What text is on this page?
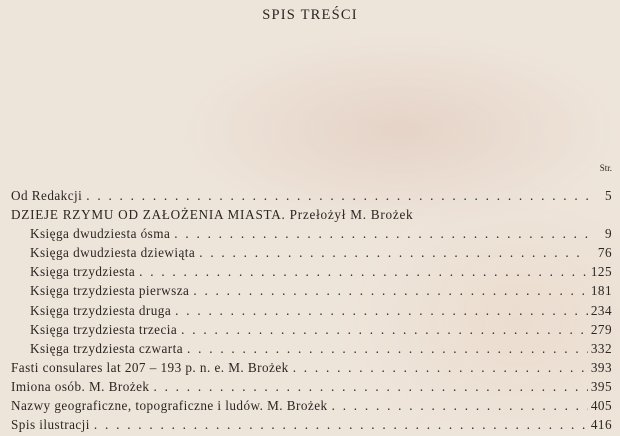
SPIS TREŚCI
Str.
Od Redakcji . . .	5
DZIEJE RZYMU OD ZAŁOŻENIA MIASTA. Przełożył M. Brożek
Księga dwudziesta ósma . . .	9
Księga dwudziesta dziewiąta . . .	76
Księga trzydziesta . . .	125
Księga trzydziesta pierwsza . . .	181
Księga trzydziesta druga . . .	234
Księga trzydziesta trzecia . . .	279
Księga trzydziesta czwarta . . .	332
Fasti consulares lat 207 – 193 p. n. e. M. Brożek . . .	393
Imiona osób. M. Brożek . . .	395
Nazwy geograficzne, topograficzne i ludów. M. Brożek . . .	405
Spis ilustracji . . .	416
